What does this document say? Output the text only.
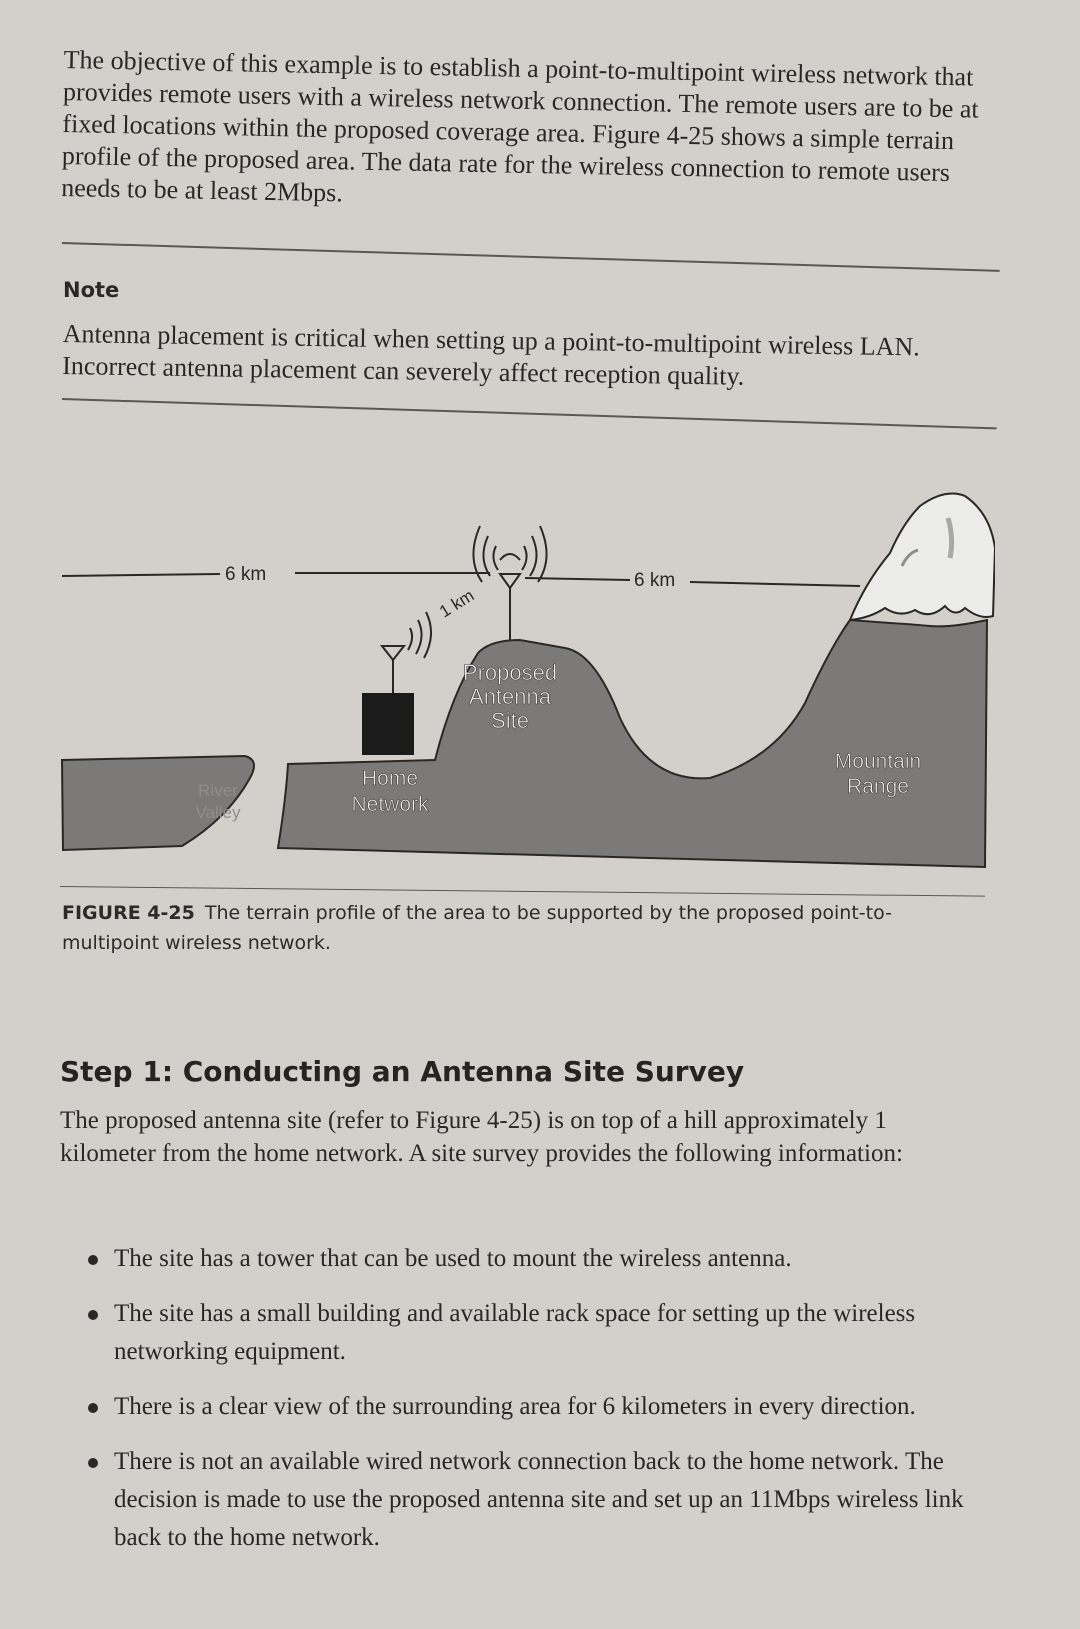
The objective of this example is to establish a point-to-multipoint wireless network that provides remote users with a wireless network connection. The remote users are to be at fixed locations within the proposed coverage area. Figure 4-25 shows a simple terrain profile of the proposed area. The data rate for the wireless connection to remote users needs to be at least 2Mbps.

Note

Antenna placement is critical when setting up a point-to-multipoint wireless LAN. Incorrect antenna placement can severely affect reception quality.

6 km
1 km
6 km
Proposed
Antenna
Site
Home
Network
River
Valley
Mountain
Range

FIGURE 4-25 The terrain profile of the area to be supported by the proposed point-to-multipoint wireless network.

Step 1: Conducting an Antenna Site Survey

The proposed antenna site (refer to Figure 4-25) is on top of a hill approximately 1 kilometer from the home network. A site survey provides the following information:

The site has a tower that can be used to mount the wireless antenna.
The site has a small building and available rack space for setting up the wireless networking equipment.
There is a clear view of the surrounding area for 6 kilometers in every direction.
There is not an available wired network connection back to the home network. The decision is made to use the proposed antenna site and set up an 11Mbps wireless link back to the home network.
